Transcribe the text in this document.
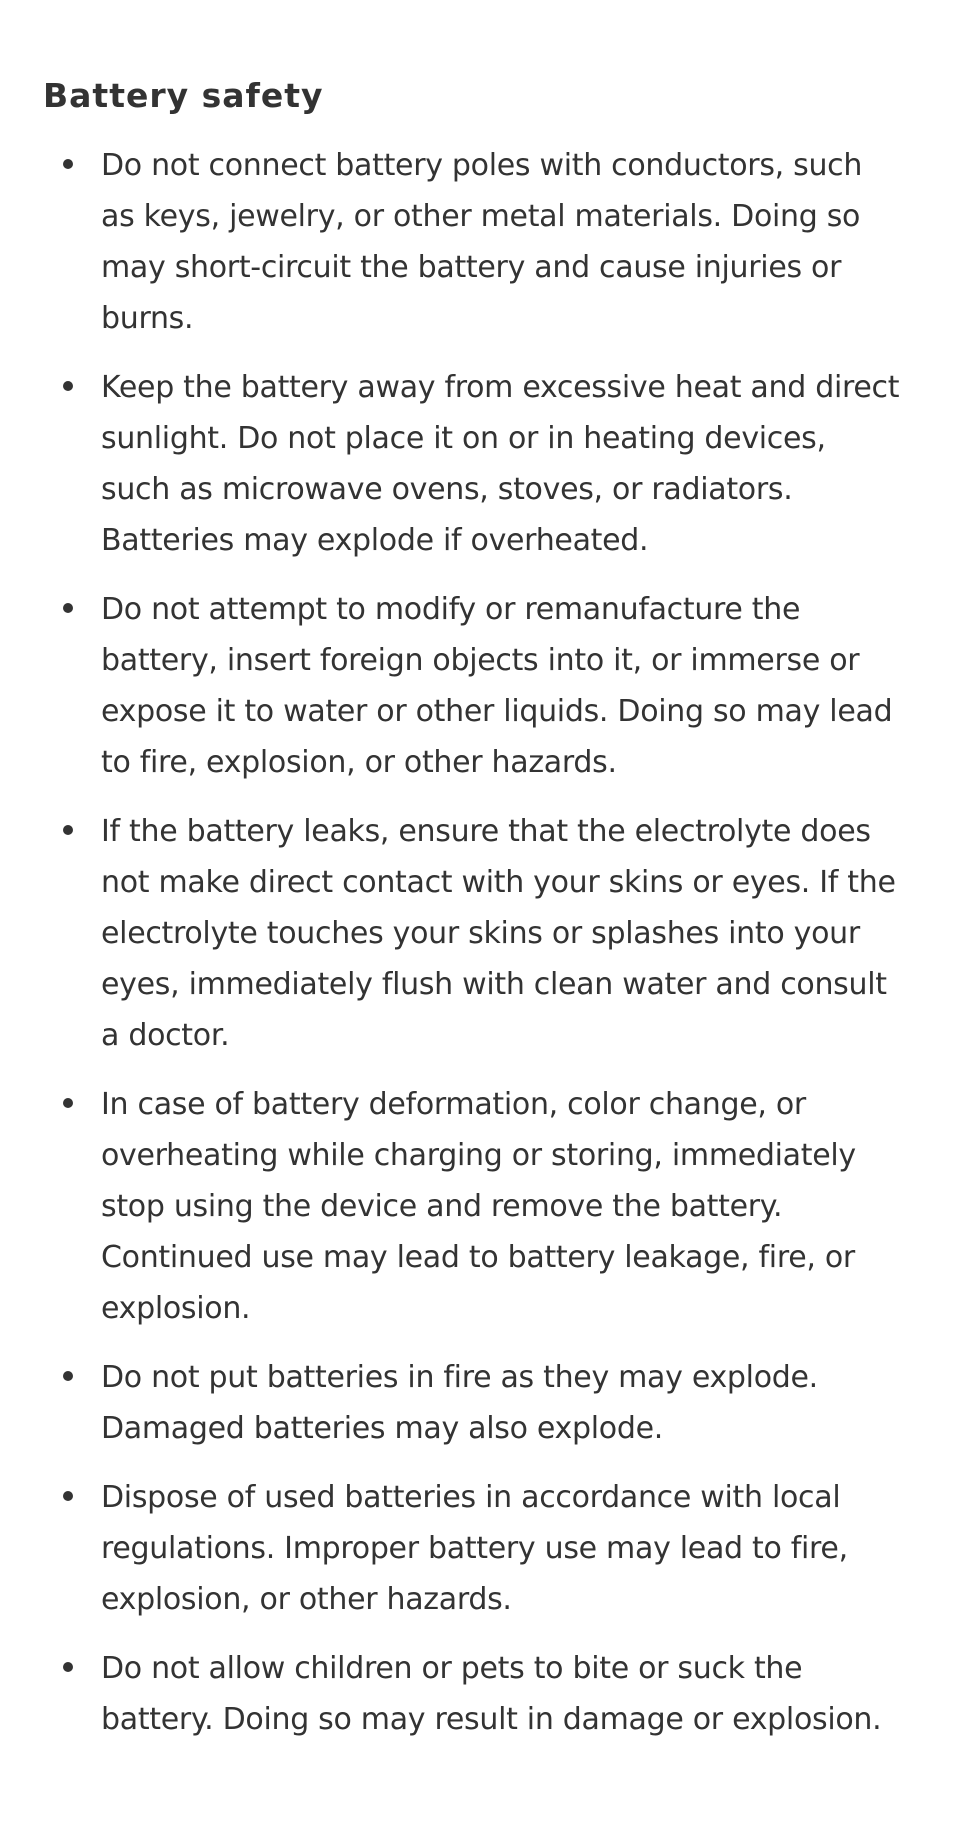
Battery safety
Do not connect battery poles with conductors, such as keys, jewelry, or other metal materials. Doing so may short-circuit the battery and cause injuries or burns.
Keep the battery away from excessive heat and direct sunlight. Do not place it on or in heating devices, such as microwave ovens, stoves, or radiators. Batteries may explode if overheated.
Do not attempt to modify or remanufacture the battery, insert foreign objects into it, or immerse or expose it to water or other liquids. Doing so may lead to fire, explosion, or other hazards.
If the battery leaks, ensure that the electrolyte does not make direct contact with your skins or eyes. If the electrolyte touches your skins or splashes into your eyes, immediately flush with clean water and consult a doctor.
In case of battery deformation, color change, or overheating while charging or storing, immediately stop using the device and remove the battery. Continued use may lead to battery leakage, fire, or explosion.
Do not put batteries in fire as they may explode. Damaged batteries may also explode.
Dispose of used batteries in accordance with local regulations. Improper battery use may lead to fire, explosion, or other hazards.
Do not allow children or pets to bite or suck the battery. Doing so may result in damage or explosion.
